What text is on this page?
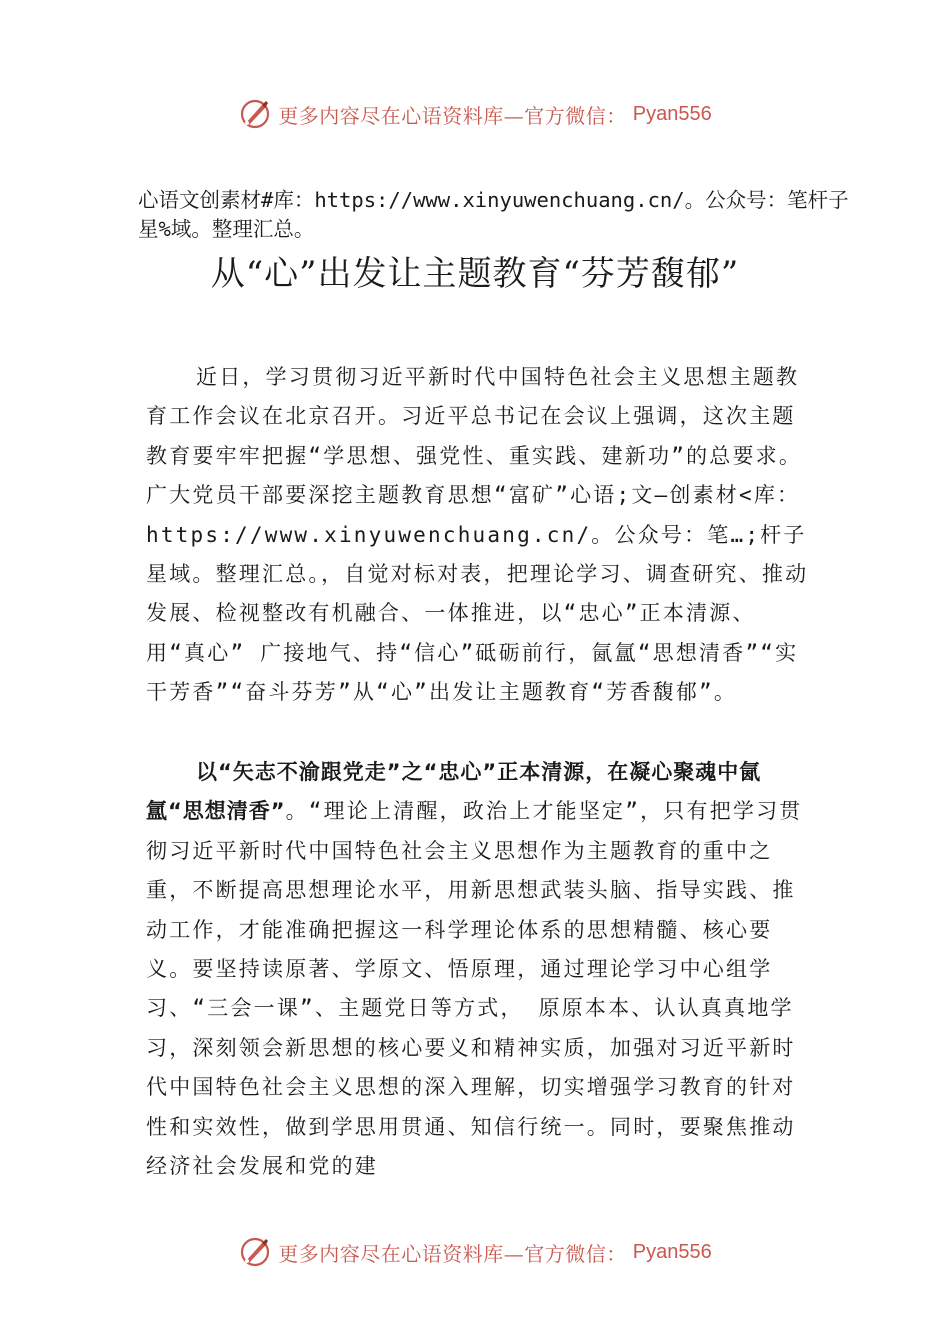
更多内容尽在心语资料库—官方微信： Pyan556
心语文创素材#库：https://www.xinyuwenchuang.cn/。公众号：笔杆子星%域。整理汇总。
从“心”出发让主题教育“芬芳馥郁”

近日，学习贯彻习近平新时代中国特色社会主义思想主题教育工作会议在北京召开。习近平总书记在会议上强调，这次主题教育要牢牢把握“学思想、强党性、重实践、建新功”的总要求。广大党员干部要深挖主题教育思想“富矿”心语;文—创素材<库：https://www.xinyuwenchuang.cn/。公众号：笔…;杆子星域。整理汇总。，自觉对标对表，把理论学习、调查研究、推动发展、检视整改有机融合、一体推进，以“忠心”正本清源、用“真心” 广接地气、持“信心”砥砺前行，氤氲“思想清香”“实干芳香”“奋斗芬芳”从“心”出发让主题教育“芳香馥郁”。

以“矢志不渝跟党走”之“忠心”正本清源，在凝心聚魂中氤氲“思想清香”。“理论上清醒，政治上才能坚定”，只有把学习贯彻习近平新时代中国特色社会主义思想作为主题教育的重中之重，不断提高思想理论水平，用新思想武装头脑、指导实践、推动工作，才能准确把握这一科学理论体系的思想精髓、核心要义。要坚持读原著、学原文、悟原理，通过理论学习中心组学习、“三会一课”、主题党日等方式， 原原本本、认认真真地学习，深刻领会新思想的核心要义和精神实质，加强对习近平新时代中国特色社会主义思想的深入理解，切实增强学习教育的针对性和实效性，做到学思用贯通、知信行统一。同时，要聚焦推动经济社会发展和党的建

更多内容尽在心语资料库—官方微信： Pyan556
